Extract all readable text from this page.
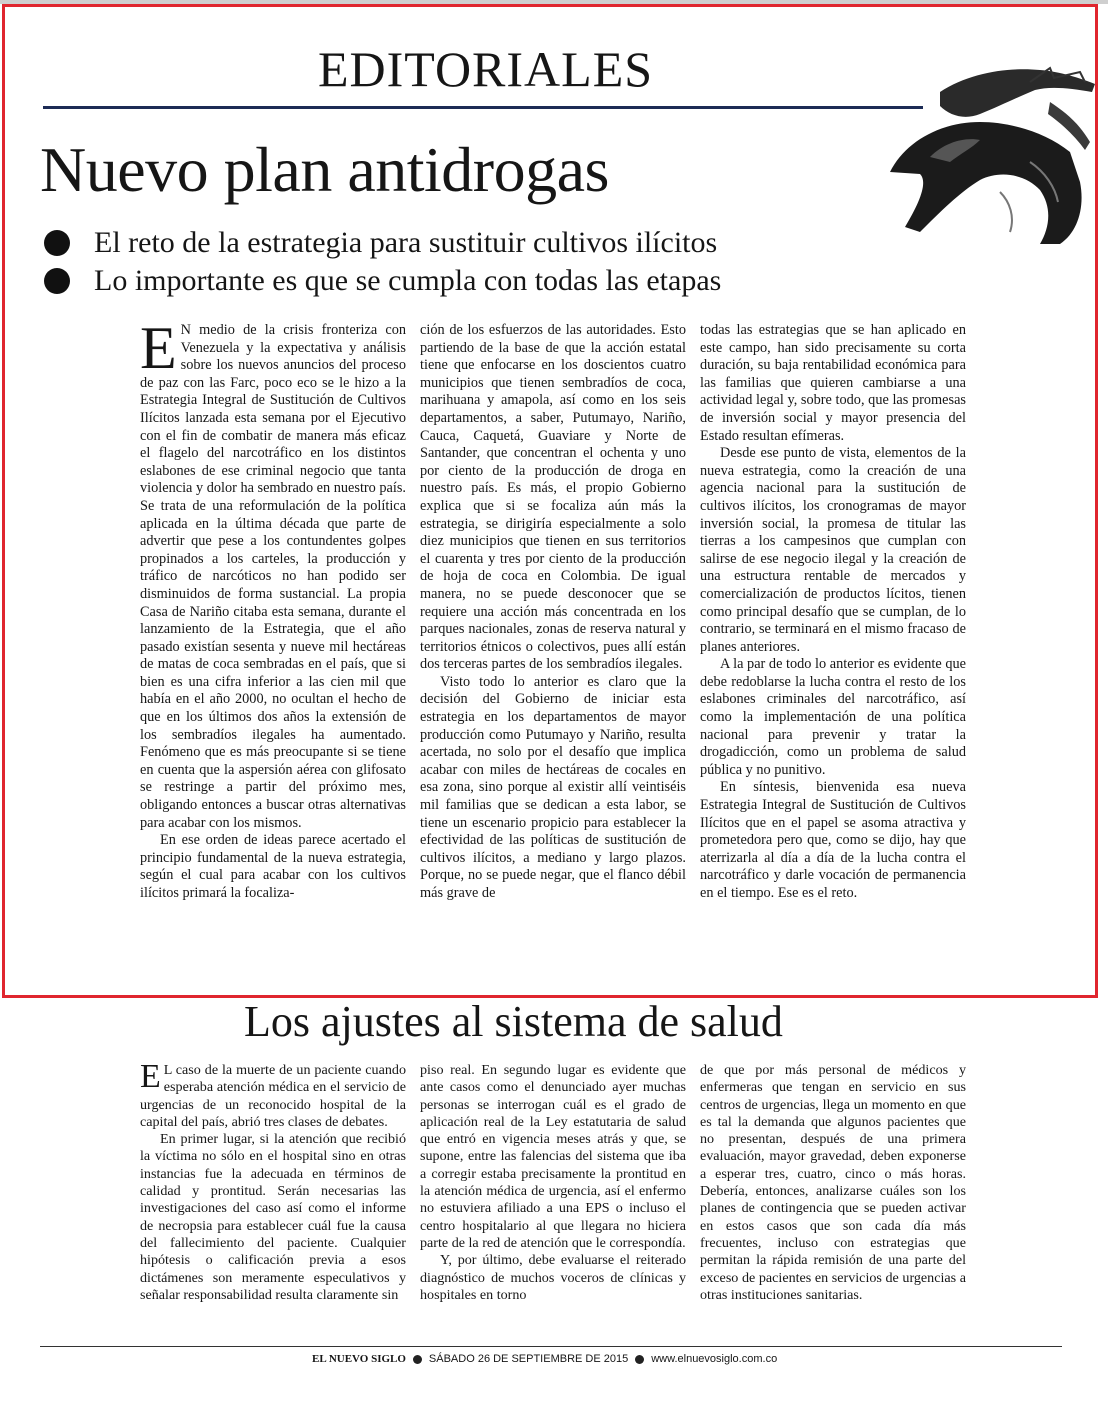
EDITORIALES
Nuevo plan antidrogas
El reto de la estrategia para sustituir cultivos ilícitos
Lo importante es que se cumpla con todas las etapas

E N medio de la crisis fronteriza con Venezuela y la expectativa y análisis sobre los nuevos anuncios del proceso de paz con las Farc, poco eco se le hizo a la Estrategia Integral de Sustitución de Cultivos Ilícitos lanzada esta semana por el Ejecutivo con el fin de combatir de manera más eficaz el flagelo del narcotráfico en los distintos eslabones de ese criminal negocio que tanta violencia y dolor ha sembrado en nuestro país. Se trata de una reformulación de la política aplicada en la última década que parte de advertir que pese a los contundentes golpes propinados a los carteles, la producción y tráfico de narcóticos no han podido ser disminuidos de forma sustancial. La propia Casa de Nariño citaba esta semana, durante el lanzamiento de la Estrategia, que el año pasado existían sesenta y nueve mil hectáreas de matas de coca sembradas en el país, que si bien es una cifra inferior a las cien mil que había en el año 2000, no ocultan el hecho de que en los últimos dos años la extensión de los sembradíos ilegales ha aumentado. Fenómeno que es más preocupante si se tiene en cuenta que la aspersión aérea con glifosato se restringe a partir del próximo mes, obligando entonces a buscar otras alternativas para acabar con los mismos.

En ese orden de ideas parece acertado el principio fundamental de la nueva estrategia, según el cual para acabar con los cultivos ilícitos primará la focaliza-

ción de los esfuerzos de las autoridades. Esto partiendo de la base de que la acción estatal tiene que enfocarse en los doscientos cuatro municipios que tienen sembradíos de coca, marihuana y amapola, así como en los seis departamentos, a saber, Putumayo, Nariño, Cauca, Caquetá, Guaviare y Norte de Santander, que concentran el ochenta y uno por ciento de la producción de droga en nuestro país. Es más, el propio Gobierno explica que si se focaliza aún más la estrategia, se dirigiría especialmente a solo diez municipios que tienen en sus territorios el cuarenta y tres por ciento de la producción de hoja de coca en Colombia. De igual manera, no se puede desconocer que se requiere una acción más concentrada en los parques nacionales, zonas de reserva natural y territorios étnicos o colectivos, pues allí están dos terceras partes de los sembradíos ilegales.

Visto todo lo anterior es claro que la decisión del Gobierno de iniciar esta estrategia en los departamentos de mayor producción como Putumayo y Nariño, resulta acertada, no solo por el desafío que implica acabar con miles de hectáreas de cocales en esa zona, sino porque al existir allí veintiséis mil familias que se dedican a esta labor, se tiene un escenario propicio para establecer la efectividad de las políticas de sustitución de cultivos ilícitos, a mediano y largo plazos. Porque, no se puede negar, que el flanco débil más grave de

todas las estrategias que se han aplicado en este campo, han sido precisamente su corta duración, su baja rentabilidad económica para las familias que quieren cambiarse a una actividad legal y, sobre todo, que las promesas de inversión social y mayor presencia del Estado resultan efímeras.

Desde ese punto de vista, elementos de la nueva estrategia, como la creación de una agencia nacional para la sustitución de cultivos ilícitos, los cronogramas de mayor inversión social, la promesa de titular las tierras a los campesinos que cumplan con salirse de ese negocio ilegal y la creación de una estructura rentable de mercados y comercialización de productos lícitos, tienen como principal desafío que se cumplan, de lo contrario, se terminará en el mismo fracaso de planes anteriores.

A la par de todo lo anterior es evidente que debe redoblarse la lucha contra el resto de los eslabones criminales del narcotráfico, así como la implementación de una política nacional para prevenir y tratar la drogadicción, como un problema de salud pública y no punitivo.

En síntesis, bienvenida esa nueva Estrategia Integral de Sustitución de Cultivos Ilícitos que en el papel se asoma atractiva y prometedora pero que, como se dijo, hay que aterrizarla al día a día de la lucha contra el narcotráfico y darle vocación de permanencia en el tiempo. Ese es el reto.

Los ajustes al sistema de salud

E L caso de la muerte de un paciente cuando esperaba atención médica en el servicio de urgencias de un reconocido hospital de la capital del país, abrió tres clases de debates.

En primer lugar, si la atención que recibió la víctima no sólo en el hospital sino en otras instancias fue la adecuada en términos de calidad y prontitud. Serán necesarias las investigaciones del caso así como el informe de necropsia para establecer cuál fue la causa del fallecimiento del paciente. Cualquier hipótesis o calificación previa a esos dictámenes son meramente especulativos y señalar responsabilidad resulta claramente sin

piso real. En segundo lugar es evidente que ante casos como el denunciado ayer muchas personas se interrogan cuál es el grado de aplicación real de la Ley estatutaria de salud que entró en vigencia meses atrás y que, se supone, entre las falencias del sistema que iba a corregir estaba precisamente la prontitud en la atención médica de urgencia, así el enfermo no estuviera afiliado a una EPS o incluso el centro hospitalario al que llegara no hiciera parte de la red de atención que le correspondía.

Y, por último, debe evaluarse el reiterado diagnóstico de muchos voceros de clínicas y hospitales en torno

de que por más personal de médicos y enfermeras que tengan en servicio en sus centros de urgencias, llega un momento en que es tal la demanda que algunos pacientes que no presentan, después de una primera evaluación, mayor gravedad, deben exponerse a esperar tres, cuatro, cinco o más horas. Debería, entonces, analizarse cuáles son los planes de contingencia que se pueden activar en estos casos que son cada día más frecuentes, incluso con estrategias que permitan la rápida remisión de una parte del exceso de pacientes en servicios de urgencias a otras instituciones sanitarias.

EL NUEVO SIGLO SÁBADO 26 DE SEPTIEMBRE DE 2015 www.elnuevosiglo.com.co
